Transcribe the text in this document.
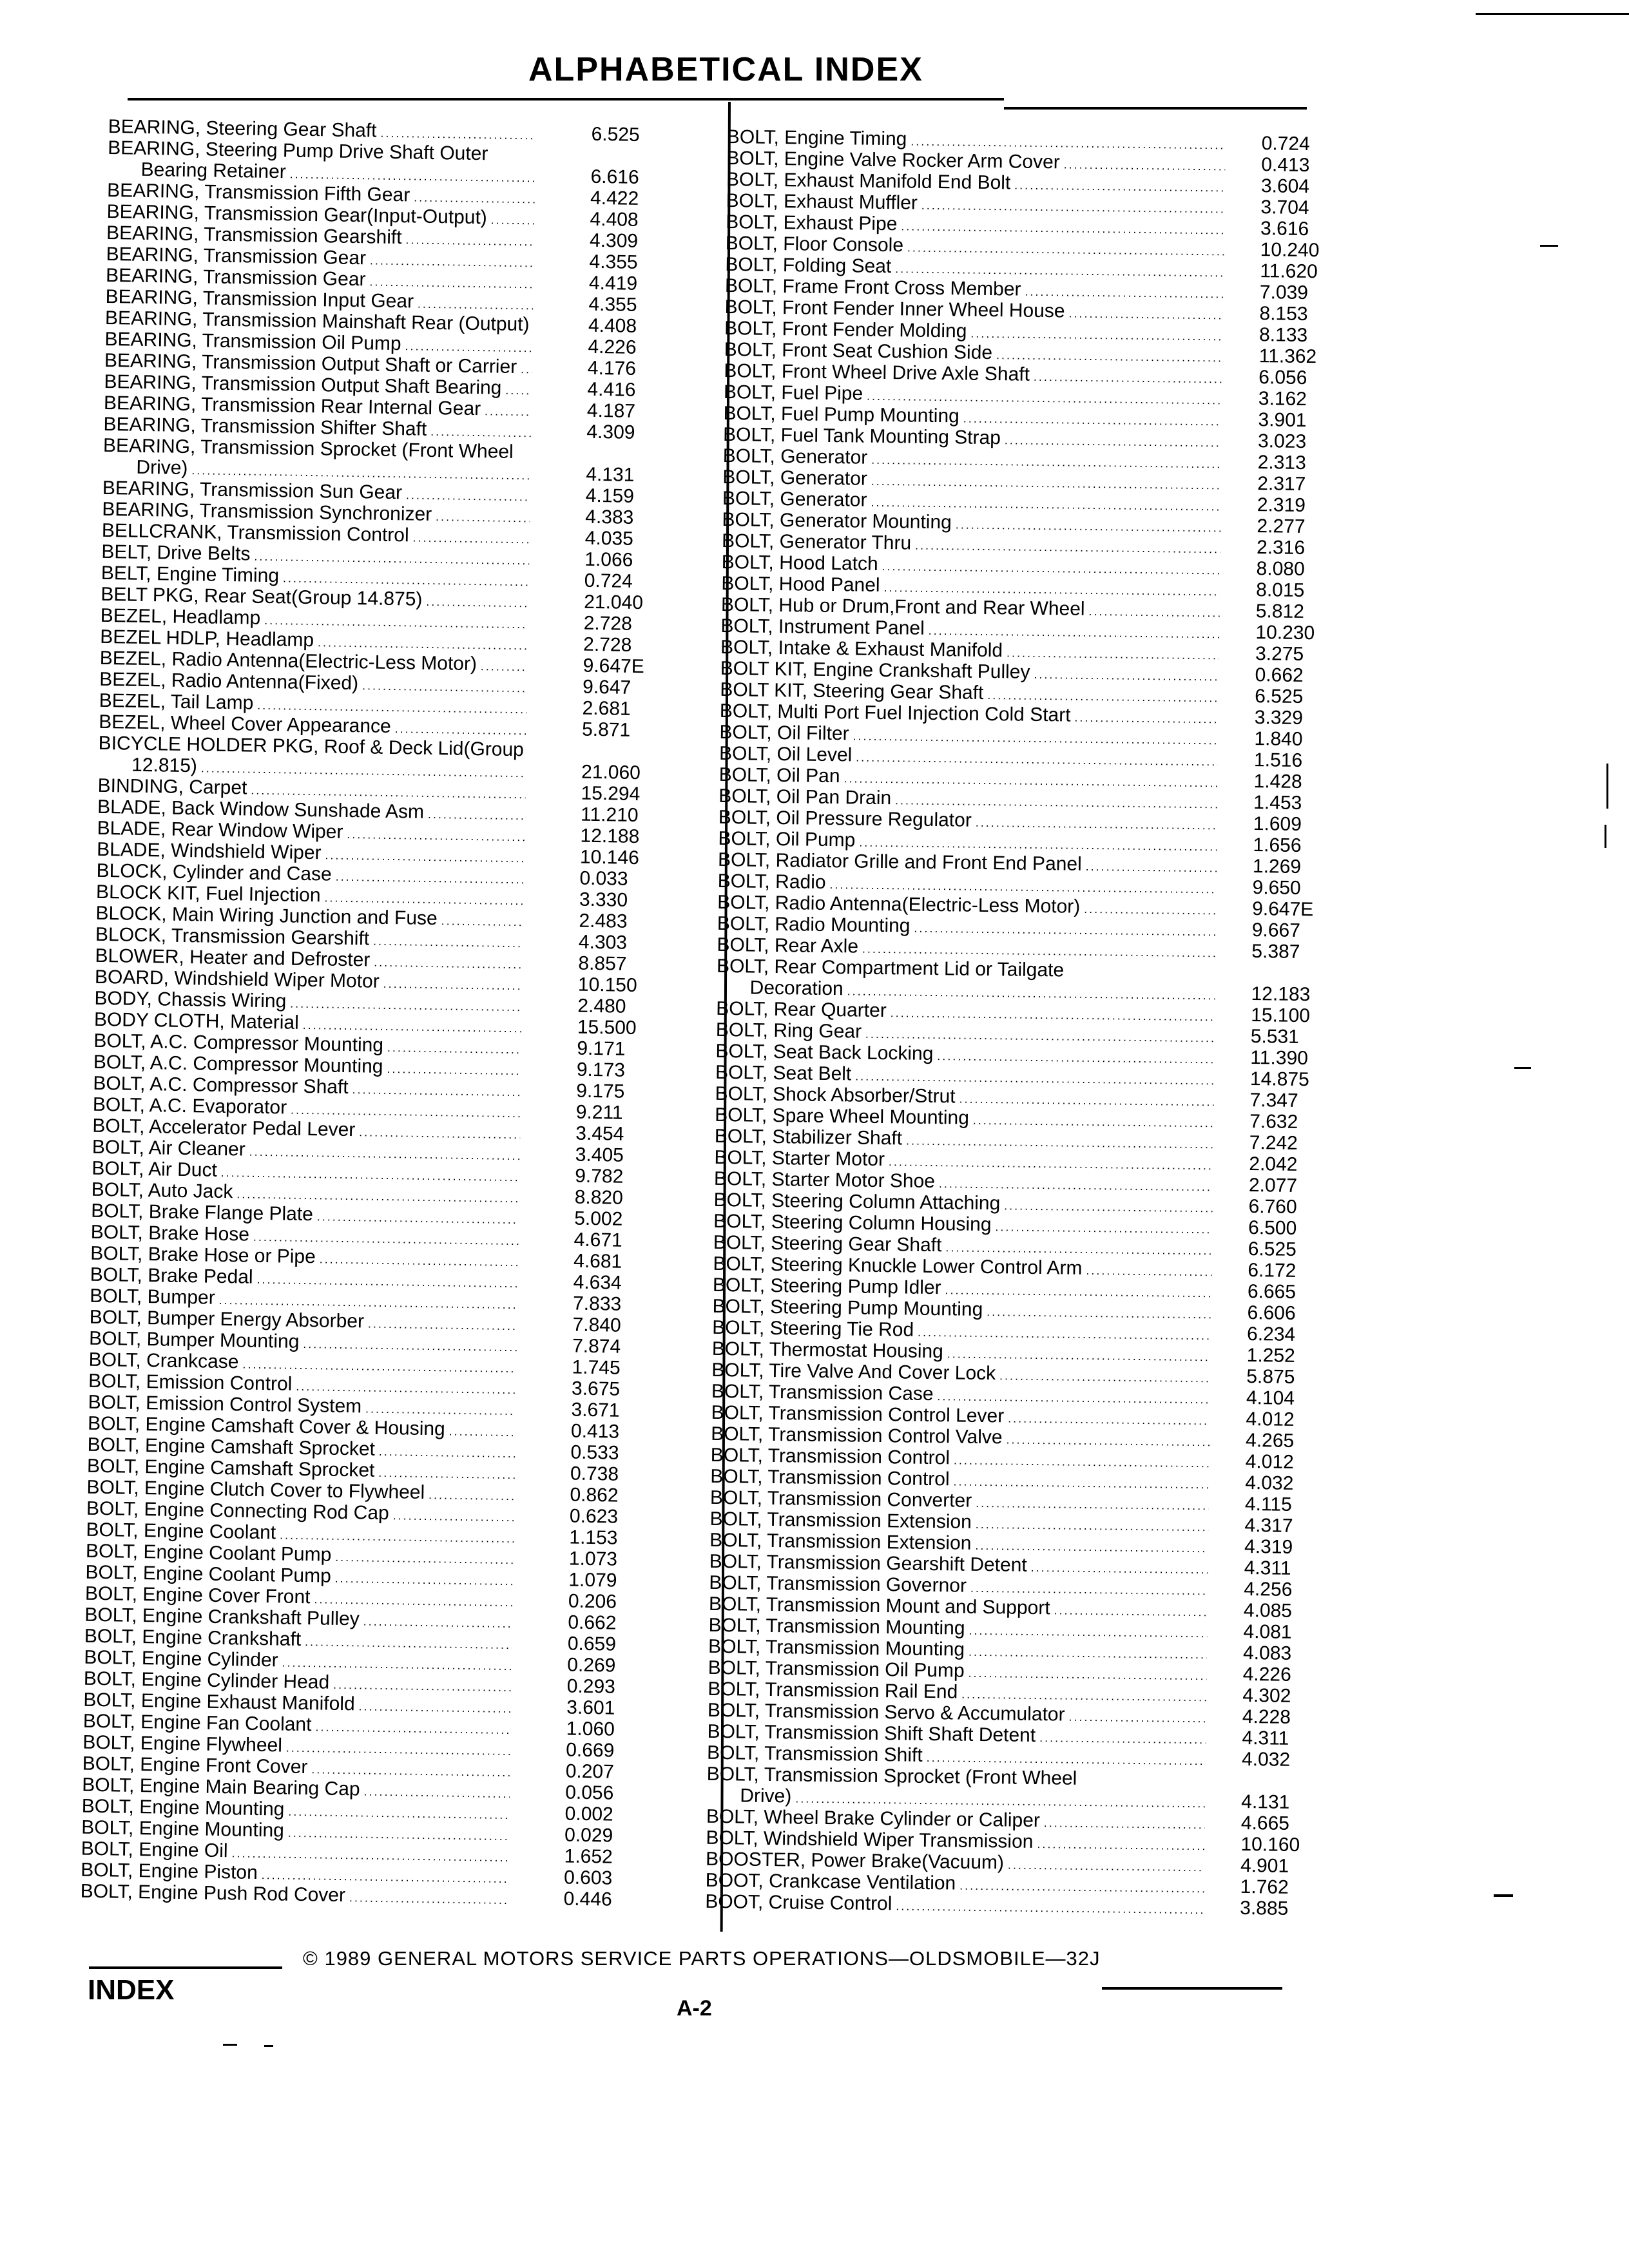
ALPHABETICAL INDEX
BEARING, Steering Gear Shaft .....	6.525
BEARING, Steering Pump Drive Shaft Outer
Bearing Retainer .....	6.616
BEARING, Transmission Fifth Gear .....	4.422
BEARING, Transmission Gear(Input-Output) .....	4.408
BEARING, Transmission Gearshift .....	4.309
BEARING, Transmission Gear .....	4.355
BEARING, Transmission Gear .....	4.419
BEARING, Transmission Input Gear .....	4.355
BEARING, Transmission Mainshaft Rear (Output) .....	4.408
BEARING, Transmission Oil Pump .....	4.226
BEARING, Transmission Output Shaft or Carrier .....	4.176
BEARING, Transmission Output Shaft Bearing .....	4.416
BEARING, Transmission Rear Internal Gear .....	4.187
BEARING, Transmission Shifter Shaft .....	4.309
BEARING, Transmission Sprocket (Front Wheel
Drive) .....	4.131
BEARING, Transmission Sun Gear .....	4.159
BEARING, Transmission Synchronizer .....	4.383
BELLCRANK, Transmission Control .....	4.035
BELT, Drive Belts .....	1.066
BELT, Engine Timing .....	0.724
BELT PKG, Rear Seat(Group 14.875) .....	21.040
BEZEL, Headlamp .....	2.728
BEZEL HDLP, Headlamp .....	2.728
BEZEL, Radio Antenna(Electric-Less Motor) .....	9.647E
BEZEL, Radio Antenna(Fixed) .....	9.647
BEZEL, Tail Lamp .....	2.681
BEZEL, Wheel Cover Appearance .....	5.871
BICYCLE HOLDER PKG, Roof & Deck Lid(Group
12.815) .....	21.060
BINDING, Carpet .....	15.294
BLADE, Back Window Sunshade Asm .....	11.210
BLADE, Rear Window Wiper .....	12.188
BLADE, Windshield Wiper .....	10.146
BLOCK, Cylinder and Case .....	0.033
BLOCK KIT, Fuel Injection .....	3.330
BLOCK, Main Wiring Junction and Fuse .....	2.483
BLOCK, Transmission Gearshift .....	4.303
BLOWER, Heater and Defroster .....	8.857
BOARD, Windshield Wiper Motor .....	10.150
BODY, Chassis Wiring .....	2.480
BODY CLOTH, Material .....	15.500
BOLT, A.C. Compressor Mounting .....	9.171
BOLT, A.C. Compressor Mounting .....	9.173
BOLT, A.C. Compressor Shaft .....	9.175
BOLT, A.C. Evaporator .....	9.211
BOLT, Accelerator Pedal Lever .....	3.454
BOLT, Air Cleaner .....	3.405
BOLT, Air Duct .....	9.782
BOLT, Auto Jack .....	8.820
BOLT, Brake Flange Plate .....	5.002
BOLT, Brake Hose .....	4.671
BOLT, Brake Hose or Pipe .....	4.681
BOLT, Brake Pedal .....	4.634
BOLT, Bumper .....	7.833
BOLT, Bumper Energy Absorber .....	7.840
BOLT, Bumper Mounting .....	7.874
BOLT, Crankcase .....	1.745
BOLT, Emission Control .....	3.675
BOLT, Emission Control System .....	3.671
BOLT, Engine Camshaft Cover & Housing .....	0.413
BOLT, Engine Camshaft Sprocket .....	0.533
BOLT, Engine Camshaft Sprocket .....	0.738
BOLT, Engine Clutch Cover to Flywheel .....	0.862
BOLT, Engine Connecting Rod Cap .....	0.623
BOLT, Engine Coolant .....	1.153
BOLT, Engine Coolant Pump .....	1.073
BOLT, Engine Coolant Pump .....	1.079
BOLT, Engine Cover Front .....	0.206
BOLT, Engine Crankshaft Pulley .....	0.662
BOLT, Engine Crankshaft .....	0.659
BOLT, Engine Cylinder .....	0.269
BOLT, Engine Cylinder Head .....	0.293
BOLT, Engine Exhaust Manifold .....	3.601
BOLT, Engine Fan Coolant .....	1.060
BOLT, Engine Flywheel .....	0.669
BOLT, Engine Front Cover .....	0.207
BOLT, Engine Main Bearing Cap .....	0.056
BOLT, Engine Mounting .....	0.002
BOLT, Engine Mounting .....	0.029
BOLT, Engine Oil .....	1.652
BOLT, Engine Piston .....	0.603
BOLT, Engine Push Rod Cover .....	0.446
BOLT, Engine Timing .....	0.724
BOLT, Engine Valve Rocker Arm Cover .....	0.413
BOLT, Exhaust Manifold End Bolt .....	3.604
BOLT, Exhaust Muffler .....	3.704
BOLT, Exhaust Pipe .....	3.616
BOLT, Floor Console .....	10.240
BOLT, Folding Seat .....	11.620
BOLT, Frame Front Cross Member .....	7.039
BOLT, Front Fender Inner Wheel House .....	8.153
BOLT, Front Fender Molding .....	8.133
BOLT, Front Seat Cushion Side .....	11.362
BOLT, Front Wheel Drive Axle Shaft .....	6.056
BOLT, Fuel Pipe .....	3.162
BOLT, Fuel Pump Mounting .....	3.901
BOLT, Fuel Tank Mounting Strap .....	3.023
BOLT, Generator .....	2.313
BOLT, Generator .....	2.317
BOLT, Generator .....	2.319
BOLT, Generator Mounting .....	2.277
BOLT, Generator Thru .....	2.316
BOLT, Hood Latch .....	8.080
BOLT, Hood Panel .....	8.015
BOLT, Hub or Drum,Front and Rear Wheel .....	5.812
BOLT, Instrument Panel .....	10.230
BOLT, Intake & Exhaust Manifold .....	3.275
BOLT KIT, Engine Crankshaft Pulley .....	0.662
BOLT KIT, Steering Gear Shaft .....	6.525
BOLT, Multi Port Fuel Injection Cold Start .....	3.329
BOLT, Oil Filter .....	1.840
BOLT, Oil Level .....	1.516
BOLT, Oil Pan .....	1.428
BOLT, Oil Pan Drain .....	1.453
BOLT, Oil Pressure Regulator .....	1.609
BOLT, Oil Pump .....	1.656
BOLT, Radiator Grille and Front End Panel .....	1.269
BOLT, Radio .....	9.650
BOLT, Radio Antenna(Electric-Less Motor) .....	9.647E
BOLT, Radio Mounting .....	9.667
BOLT, Rear Axle .....	5.387
BOLT, Rear Compartment Lid or Tailgate
Decoration .....	12.183
BOLT, Rear Quarter .....	15.100
BOLT, Ring Gear .....	5.531
BOLT, Seat Back Locking .....	11.390
BOLT, Seat Belt .....	14.875
BOLT, Shock Absorber/Strut .....	7.347
BOLT, Spare Wheel Mounting .....	7.632
BOLT, Stabilizer Shaft .....	7.242
BOLT, Starter Motor .....	2.042
BOLT, Starter Motor Shoe .....	2.077
BOLT, Steering Column Attaching .....	6.760
BOLT, Steering Column Housing .....	6.500
BOLT, Steering Gear Shaft .....	6.525
BOLT, Steering Knuckle Lower Control Arm .....	6.172
BOLT, Steering Pump Idler .....	6.665
BOLT, Steering Pump Mounting .....	6.606
BOLT, Steering Tie Rod .....	6.234
BOLT, Thermostat Housing .....	1.252
BOLT, Tire Valve And Cover Lock .....	5.875
BOLT, Transmission Case .....	4.104
BOLT, Transmission Control Lever .....	4.012
BOLT, Transmission Control Valve .....	4.265
BOLT, Transmission Control .....	4.012
BOLT, Transmission Control .....	4.032
BOLT, Transmission Converter .....	4.115
BOLT, Transmission Extension .....	4.317
BOLT, Transmission Extension .....	4.319
BOLT, Transmission Gearshift Detent .....	4.311
BOLT, Transmission Governor .....	4.256
BOLT, Transmission Mount and Support .....	4.085
BOLT, Transmission Mounting .....	4.081
BOLT, Transmission Mounting .....	4.083
BOLT, Transmission Oil Pump .....	4.226
BOLT, Transmission Rail End .....	4.302
BOLT, Transmission Servo & Accumulator .....	4.228
BOLT, Transmission Shift Shaft Detent .....	4.311
BOLT, Transmission Shift .....	4.032
BOLT, Transmission Sprocket (Front Wheel
Drive) .....	4.131
BOLT, Wheel Brake Cylinder or Caliper .....	4.665
BOLT, Windshield Wiper Transmission .....	10.160
BOOSTER, Power Brake(Vacuum) .....	4.901
BOOT, Crankcase Ventilation .....	1.762
BOOT, Cruise Control .....	3.885
© 1989 GENERAL MOTORS SERVICE PARTS OPERATIONS—OLDSMOBILE—32J
INDEX
A-2
